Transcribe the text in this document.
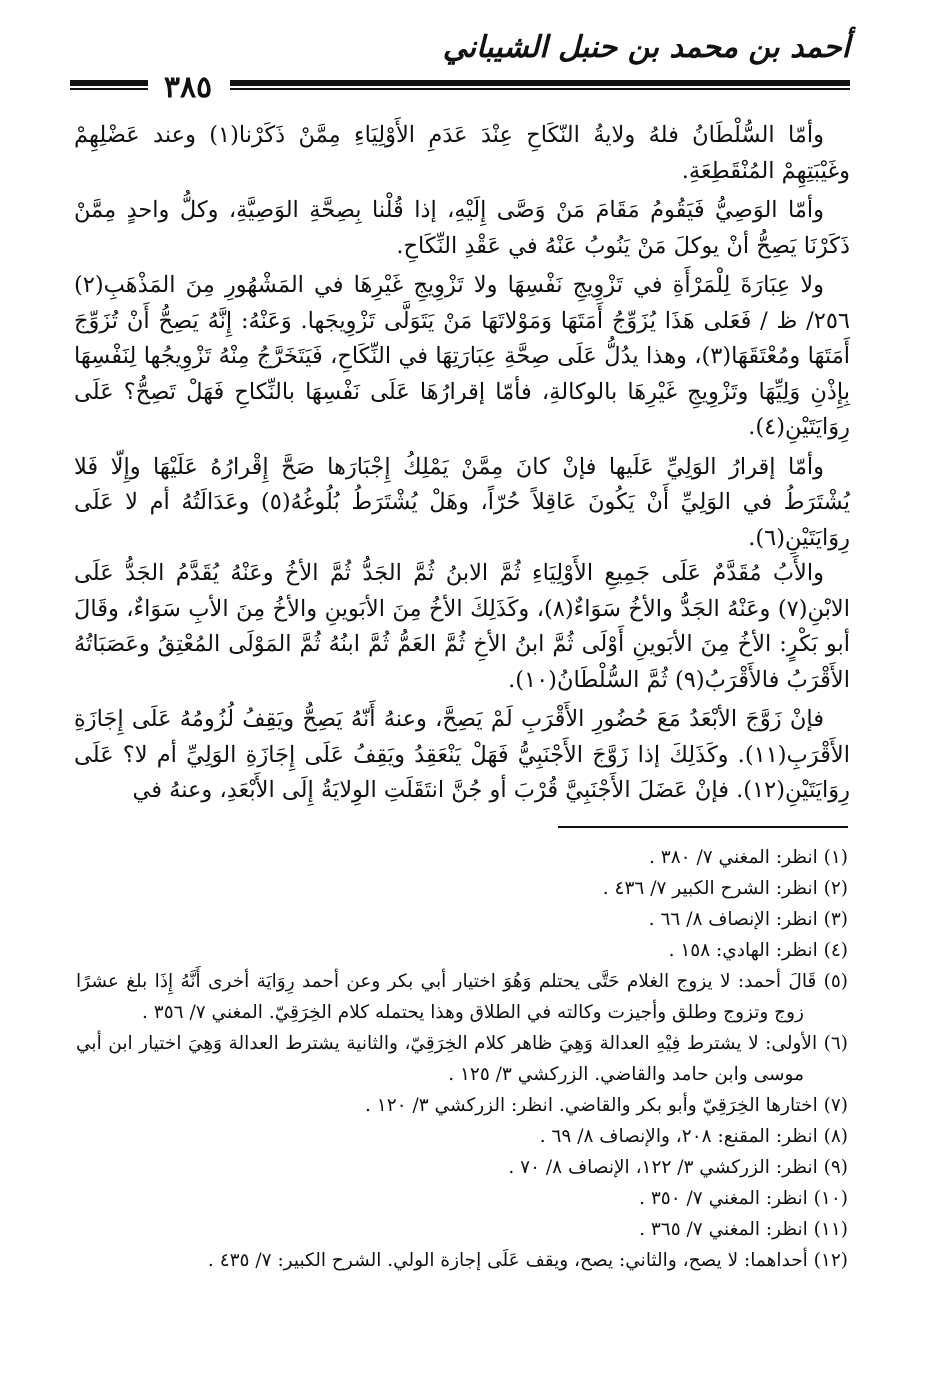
أحمد بن محمد بن حنبل الشيباني
٣٨٥

وأمّا السُّلْطَانُ فلهُ ولايةُ النّكَاحِ عِنْدَ عَدَمِ الأَوْلِيَاءِ مِمَّنْ ذَكَرْنا(١) وعند عَضْلِهِمْ وغَيْبَتِهِمْ المُنْقَطِعَةِ.

وأمّا الوَصِيُّ فَيَقُومُ مَقَامَ مَنْ وَصَّى إِلَيْهِ، إذا قُلْنا بِصِحَّةِ الوَصِيَّةِ، وكلُّ واحدٍ مِمَّنْ ذَكَرْنَا يَصِحُّ أنْ يوكلَ مَنْ يَنُوبُ عَنْهُ في عَقْدِ النِّكَاحِ.

ولا عِبَارَةَ لِلْمَرْأَةِ في تَزْوِيجِ نَفْسِهَا ولا تَزْوِيجِ غَيْرِهَا في المَشْهُورِ مِنَ المَذْهَبِ(٢) ٢٥٦/ ظ / فَعَلى هَذَا يُزَوِّجُ أَمَتَهَا وَمَوْلاتَهَا مَنْ يَتَوَلَّى تَزْوِيجَها. وَعَنْهُ: إِنَّهُ يَصِحُّ أَنْ تُزَوِّجَ أَمَتَهَا ومُعْتَقَهَا(٣)، وهذا يدُلُّ عَلَى صِحَّةِ عِبَارَتِهَا في النِّكَاحِ، فَيَتَخَرَّجُ مِنْهُ تَزْوِيجُها لِنَفْسِهَا بِإِذْنِ وَلِيِّهَا وتَزْوِيجِ غَيْرِهَا بالوكالةِ، فأمّا إقرارُهَا عَلَى نَفْسِهَا بالنِّكاحِ فَهَلْ تَصِحُّ؟ عَلَى رِوَايَتَيْنِ(٤).

وأمّا إقرارُ الوَلِيِّ عَلَيها فإنْ كانَ مِمَّنْ يَمْلِكُ إِجْبَارَها صَحَّ إِقْرارُهُ عَلَيْهَا وإِلّا فَلا يُشْتَرَطُ في الوَلِيِّ أَنْ يَكُونَ عَاقِلاً حُرّاً، وهَلْ يُشْتَرَطُ بُلُوغُهُ(٥) وعَدَالَتُهُ أم لا عَلَى رِوَايَتَيْنِ(٦).

والأَبُ مُقَدَّمٌ عَلَى جَمِيعِ الأَوْلِيَاءِ ثُمَّ الابنُ ثُمَّ الجَدُّ ثُمَّ الأخُ وعَنْهُ يُقَدَّمُ الجَدُّ عَلَى الابْنِ(٧) وعَنْهُ الجَدُّ والأخُ سَوَاءٌ(٨)، وكَذَلِكَ الأخُ مِنَ الأبَوينِ والأخُ مِنَ الأبِ سَوَاءٌ، وقَالَ أبو بَكْرٍ: الأخُ مِنَ الأبَوينِ أَوْلَى ثُمَّ ابنُ الأخِ ثُمَّ العَمُّ ثُمَّ ابنُهُ ثُمَّ المَوْلَى المُعْتِقُ وعَصَبَاتُهُ الأَقْرَبُ فالأَقْرَبُ(٩) ثُمَّ السُّلْطَانُ(١٠).

فإنْ زَوَّجَ الأبْعَدُ مَعَ حُضُورِ الأَقْرَبِ لَمْ يَصِحَّ، وعنهُ أَنّهُ يَصِحُّ ويَقِفُ لُزُومُهُ عَلَى إِجَازَةِ الأَقْرَبِ(١١). وكَذَلِكَ إذا زَوَّجَ الأَجْنَبِيُّ فَهَلْ يَنْعَقِدُ ويَقِفُ عَلَى إِجَازَةِ الوَلِيِّ أم لا؟ عَلَى رِوَايَتَيْنِ(١٢). فإنْ عَضَلَ الأَجْنَبِيَّ قُرْبَ أو جُنَّ انتَقَلَتِ الوِلايَةُ إِلَى الأَبْعَدِ، وعنهُ في

(١) انظر: المغني ٧/ ٣٨٠ .

(٢) انظر: الشرح الكبير ٧/ ٤٣٦ .

(٣) انظر: الإنصاف ٨/ ٦٦ .

(٤) انظر: الهادي: ١٥٨ .

(٥) قَالَ أحمد: لا يزوج الغلام حَتَّى يحتلم وَهُوَ اختيار أبي بكر وعن أحمد رِوَايَة أخرى أَنَّهُ إِذَا بلغ عشرًا زوج وتزوج وطلق وأجيزت وكالته في الطلاق وهذا يحتمله كلام الخِرَقِيّ. المغني ٧/ ٣٥٦ .

(٦) الأولى: لا يشترط فِيْهِ العدالة وَهِيَ ظاهر كلام الخِرَقِيّ، والثانية يشترط العدالة وَهِيَ اختيار ابن أبي موسى وابن حامد والقاضي. الزركشي ٣/ ١٢٥ .

(٧) اختارها الخِرَقِيّ وأبو بكر والقاضي. انظر: الزركشي ٣/ ١٢٠ .

(٨) انظر: المقنع: ٢٠٨، والإنصاف ٨/ ٦٩ .

(٩) انظر: الزركشي ٣/ ١٢٢، الإنصاف ٨/ ٧٠ .

(١٠) انظر: المغني ٧/ ٣٥٠ .

(١١) انظر: المغني ٧/ ٣٦٥ .

(١٢) أحداهما: لا يصح، والثاني: يصح، ويقف عَلَى إجازة الولي. الشرح الكبير: ٧/ ٤٣٥ .
